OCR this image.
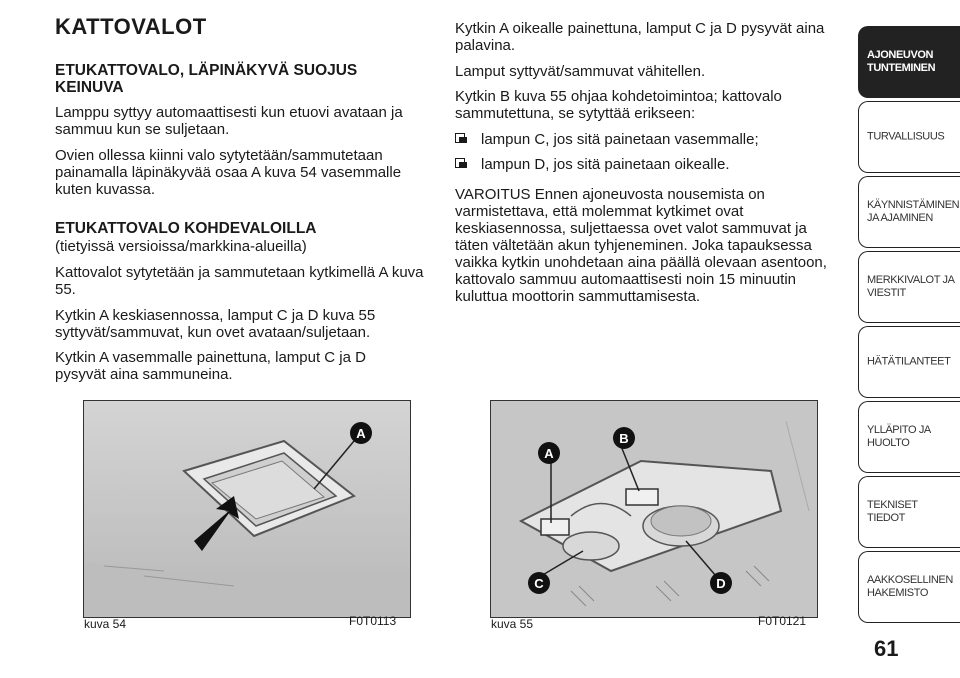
KATTOVALOT
ETUKATTOVALO, LÄPINÄKYVÄ SUOJUS KEINUVA

Lamppu syttyy automaattisesti kun etuovi avataan ja sammuu kun se suljetaan.

Ovien ollessa kiinni valo sytytetään/sammutetaan painamalla läpinäkyvää osaa A kuva 54 vasemmalle kuten kuvassa.

ETUKATTOVALO KOHDEVALOILLA

(tietyissä versioissa/markkina-alueilla)

Kattovalot sytytetään ja sammutetaan kytkimellä A kuva 55.

Kytkin A keskiasennossa, lamput C ja D kuva 55 syttyvät/sammuvat, kun ovet avataan/suljetaan.

Kytkin A vasemmalle painettuna, lamput C ja D pysyvät aina sammuneina.

Kytkin A oikealle painettuna, lamput C ja D pysyvät aina palavina.

Lamput syttyvät/sammuvat vähitellen.

Kytkin B kuva 55 ohjaa kohdetoimintoa; kattovalo sammutettuna, se sytyttää erikseen:

lampun C, jos sitä painetaan vasemmalle;
lampun D, jos sitä painetaan oikealle.

VAROITUS Ennen ajoneuvosta nousemista on varmistettava, että molemmat kytkimet ovat keskiasennossa, suljettaessa ovet valot sammuvat ja täten vältetään akun tyhjeneminen. Joka tapauksessa vaikka kytkin unohdetaan aina päällä olevaan asentoon, kattovalo sammuu automaattisesti noin 15 minuutin kuluttua moottorin sammuttamisesta.

A
kuva 54	F0T0113
A
B
C	D
kuva 55	F0T0121
AJONEUVON TUNTEMINEN
TURVALLISUUS
KÄYNNISTÄMINEN JA AJAMINEN
MERKKIVALOT JA VIESTIT
HÄTÄTILANTEET
YLLÄPITO JA HUOLTO
TEKNISET TIEDOT
AAKKOSELLINEN HAKEMISTO
61
